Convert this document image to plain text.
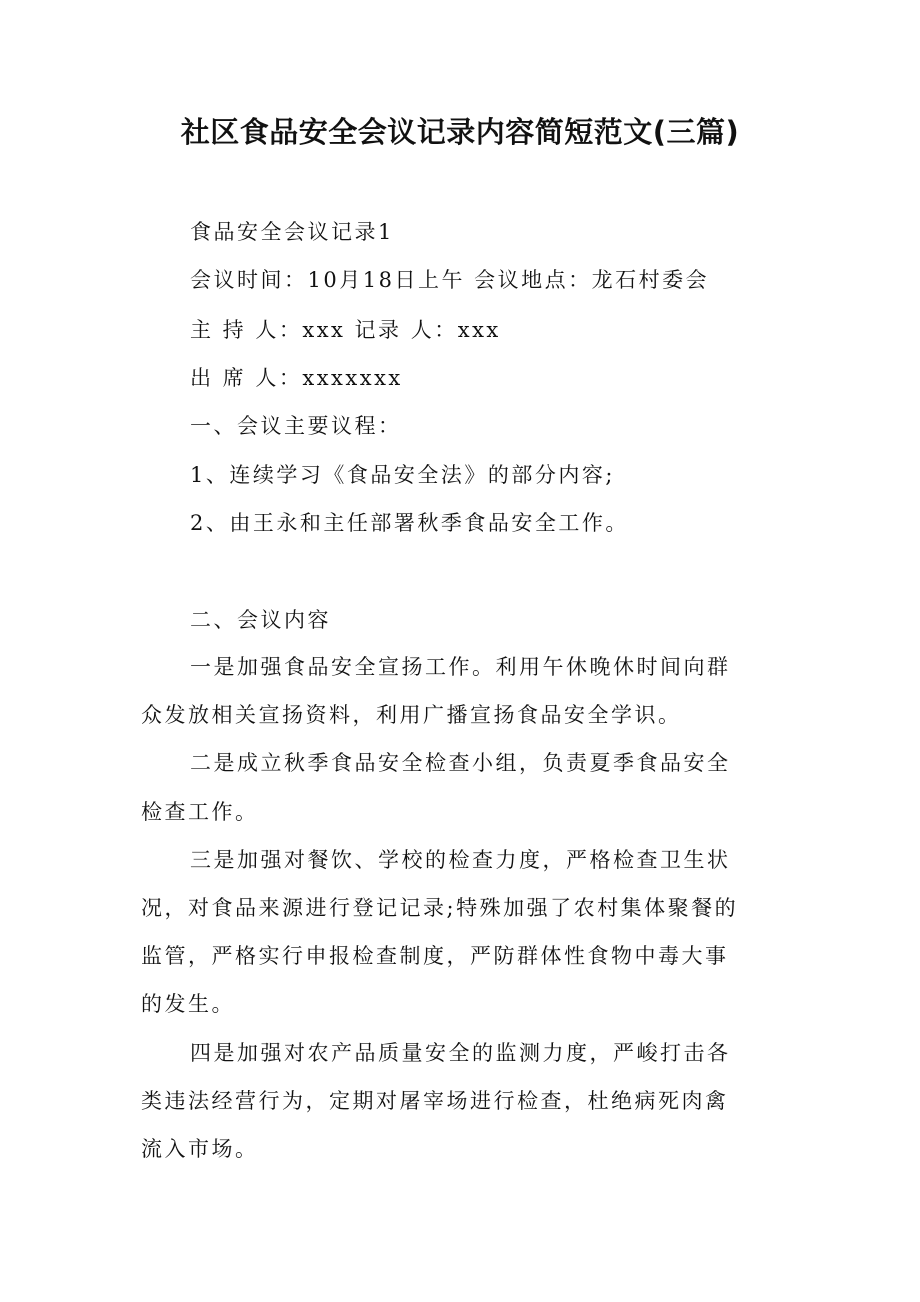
社区食品安全会议记录内容简短范文(三篇)
食品安全会议记录1
会议时间：10月18日上午 会议地点：龙石村委会
主 持 人：xxx 记录 人：xxx
出 席 人：xxxxxxx
一、会议主要议程：
1、连续学习《食品安全法》的部分内容;
2、由王永和主任部署秋季食品安全工作。
二、会议内容
一是加强食品安全宣扬工作。利用午休晚休时间向群
众发放相关宣扬资料，利用广播宣扬食品安全学识。
二是成立秋季食品安全检查小组，负责夏季食品安全
检查工作。
三是加强对餐饮、学校的检查力度，严格检查卫生状
况，对食品来源进行登记记录;特殊加强了农村集体聚餐的
监管，严格实行申报检查制度，严防群体性食物中毒大事
的发生。
四是加强对农产品质量安全的监测力度，严峻打击各
类违法经营行为，定期对屠宰场进行检查，杜绝病死肉禽
流入市场。
